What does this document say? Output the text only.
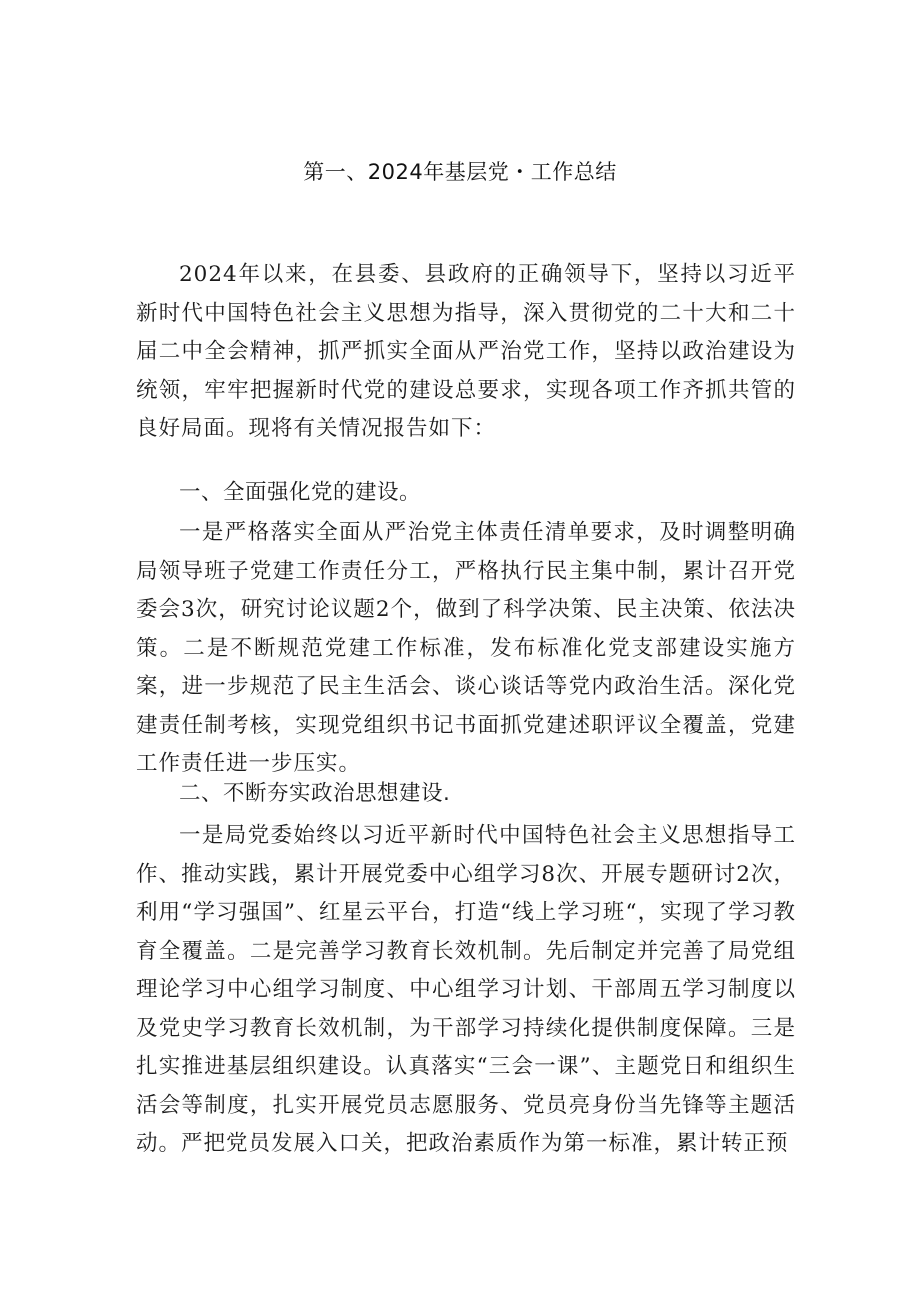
第一、2024年基层党・工作总结

2024年以来，在县委、县政府的正确领导下，坚持以习近平新时代中国特色社会主义思想为指导，深入贯彻党的二十大和二十届二中全会精神，抓严抓实全面从严治党工作，坚持以政治建设为统领，牢牢把握新时代党的建设总要求，实现各项工作齐抓共管的良好局面。现将有关情况报告如下：

一、全面强化党的建设。

一是严格落实全面从严治党主体责任清单要求，及时调整明确局领导班子党建工作责任分工，严格执行民主集中制，累计召开党委会3次，研究讨论议题2个，做到了科学决策、民主决策、依法决策。二是不断规范党建工作标准，发布标准化党支部建设实施方案，进一步规范了民主生活会、谈心谈话等党内政治生活。深化党建责任制考核，实现党组织书记书面抓党建述职评议全覆盖，党建工作责任进一步压实。

二、不断夯实政治思想建设.

一是局党委始终以习近平新时代中国特色社会主义思想指导工作、推动实践，累计开展党委中心组学习8次、开展专题研讨2次，利用“学习强国”、红星云平台，打造“线上学习班“，实现了学习教育全覆盖。二是完善学习教育长效机制。先后制定并完善了局党组理论学习中心组学习制度、中心组学习计划、干部周五学习制度以及党史学习教育长效机制，为干部学习持续化提供制度保障。三是扎实推进基层组织建设。认真落实“三会一课”、主题党日和组织生活会等制度，扎实开展党员志愿服务、党员亮身份当先锋等主题活动。严把党员发展入口关，把政治素质作为第一标准，累计转正预
